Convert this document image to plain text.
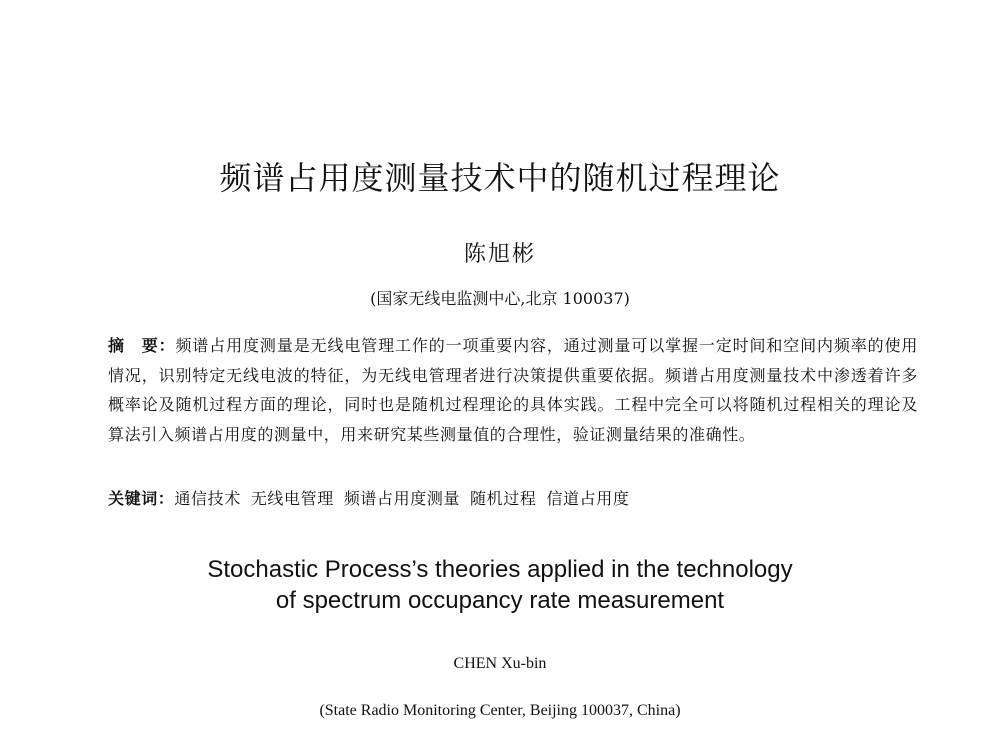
频谱占用度测量技术中的随机过程理论
陈旭彬
(国家无线电监测中心,北京 100037)

摘　要：频谱占用度测量是无线电管理工作的一项重要内容，通过测量可以掌握一定时间和空间内频率的使用情况，识别特定无线电波的特征，为无线电管理者进行决策提供重要依据。频谱占用度测量技术中渗透着许多概率论及随机过程方面的理论，同时也是随机过程理论的具体实践。工程中完全可以将随机过程相关的理论及算法引入频谱占用度的测量中，用来研究某些测量值的合理性，验证测量结果的准确性。

关键词：通信技术 无线电管理 频谱占用度测量 随机过程 信道占用度

Stochastic Process’s theories applied in the technology
of spectrum occupancy rate measurement
CHEN Xu-bin
(State Radio Monitoring Center, Beijing 100037, China)
